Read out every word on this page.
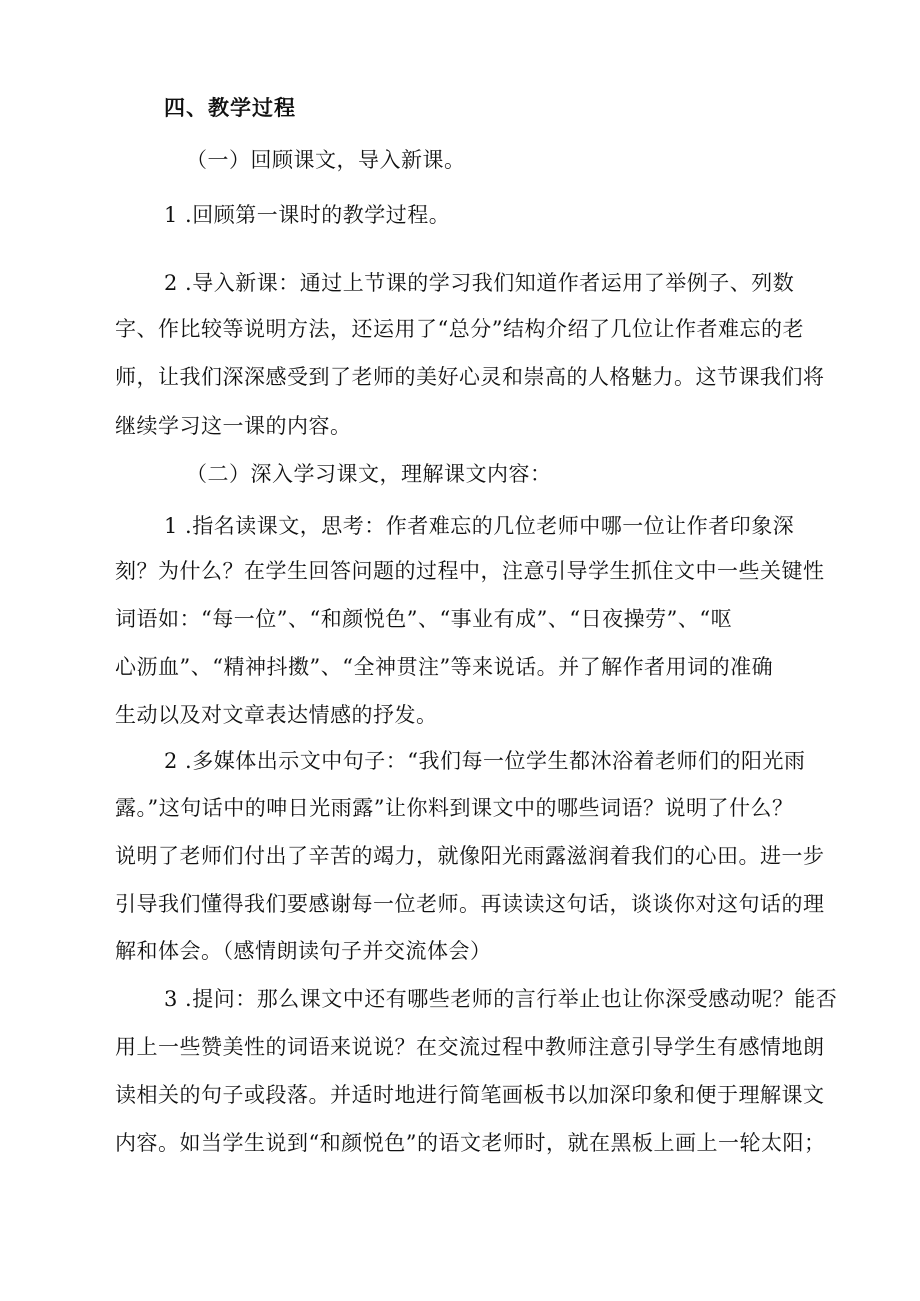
四、教学过程
（一）回顾课文，导入新课。
1 .回顾第一课时的教学过程。
2 .导入新课：通过上节课的学习我们知道作者运用了举例子、列数
字、作比较等说明方法，还运用了“总分”结构介绍了几位让作者难忘的老
师，让我们深深感受到了老师的美好心灵和崇高的人格魅力。这节课我们将
继续学习这一课的内容。
（二）深入学习课文，理解课文内容：
1 .指名读课文，思考：作者难忘的几位老师中哪一位让作者印象深
刻？为什么？在学生回答问题的过程中，注意引导学生抓住文中一些关键性
词语如：“每一位”、“和颜悦色”、“事业有成”、“日夜操劳”、“呕
心沥血”、“精神抖擞”、“全神贯注”等来说话。并了解作者用词的准确
生动以及对文章表达情感的抒发。
2 .多媒体出示文中句子：“我们每一位学生都沐浴着老师们的阳光雨
露。”这句话中的呻日光雨露”让你料到课文中的哪些词语？说明了什么？
说明了老师们付出了辛苦的竭力，就像阳光雨露滋润着我们的心田。进一步
引导我们懂得我们要感谢每一位老师。再读读这句话，谈谈你对这句话的理
解和体会。（感情朗读句子并交流体会）
3 .提问：那么课文中还有哪些老师的言行举止也让你深受感动呢？能否
用上一些赞美性的词语来说说？在交流过程中教师注意引导学生有感情地朗
读相关的句子或段落。并适时地进行简笔画板书以加深印象和便于理解课文
内容。如当学生说到“和颜悦色”的语文老师时，就在黑板上画上一轮太阳；
